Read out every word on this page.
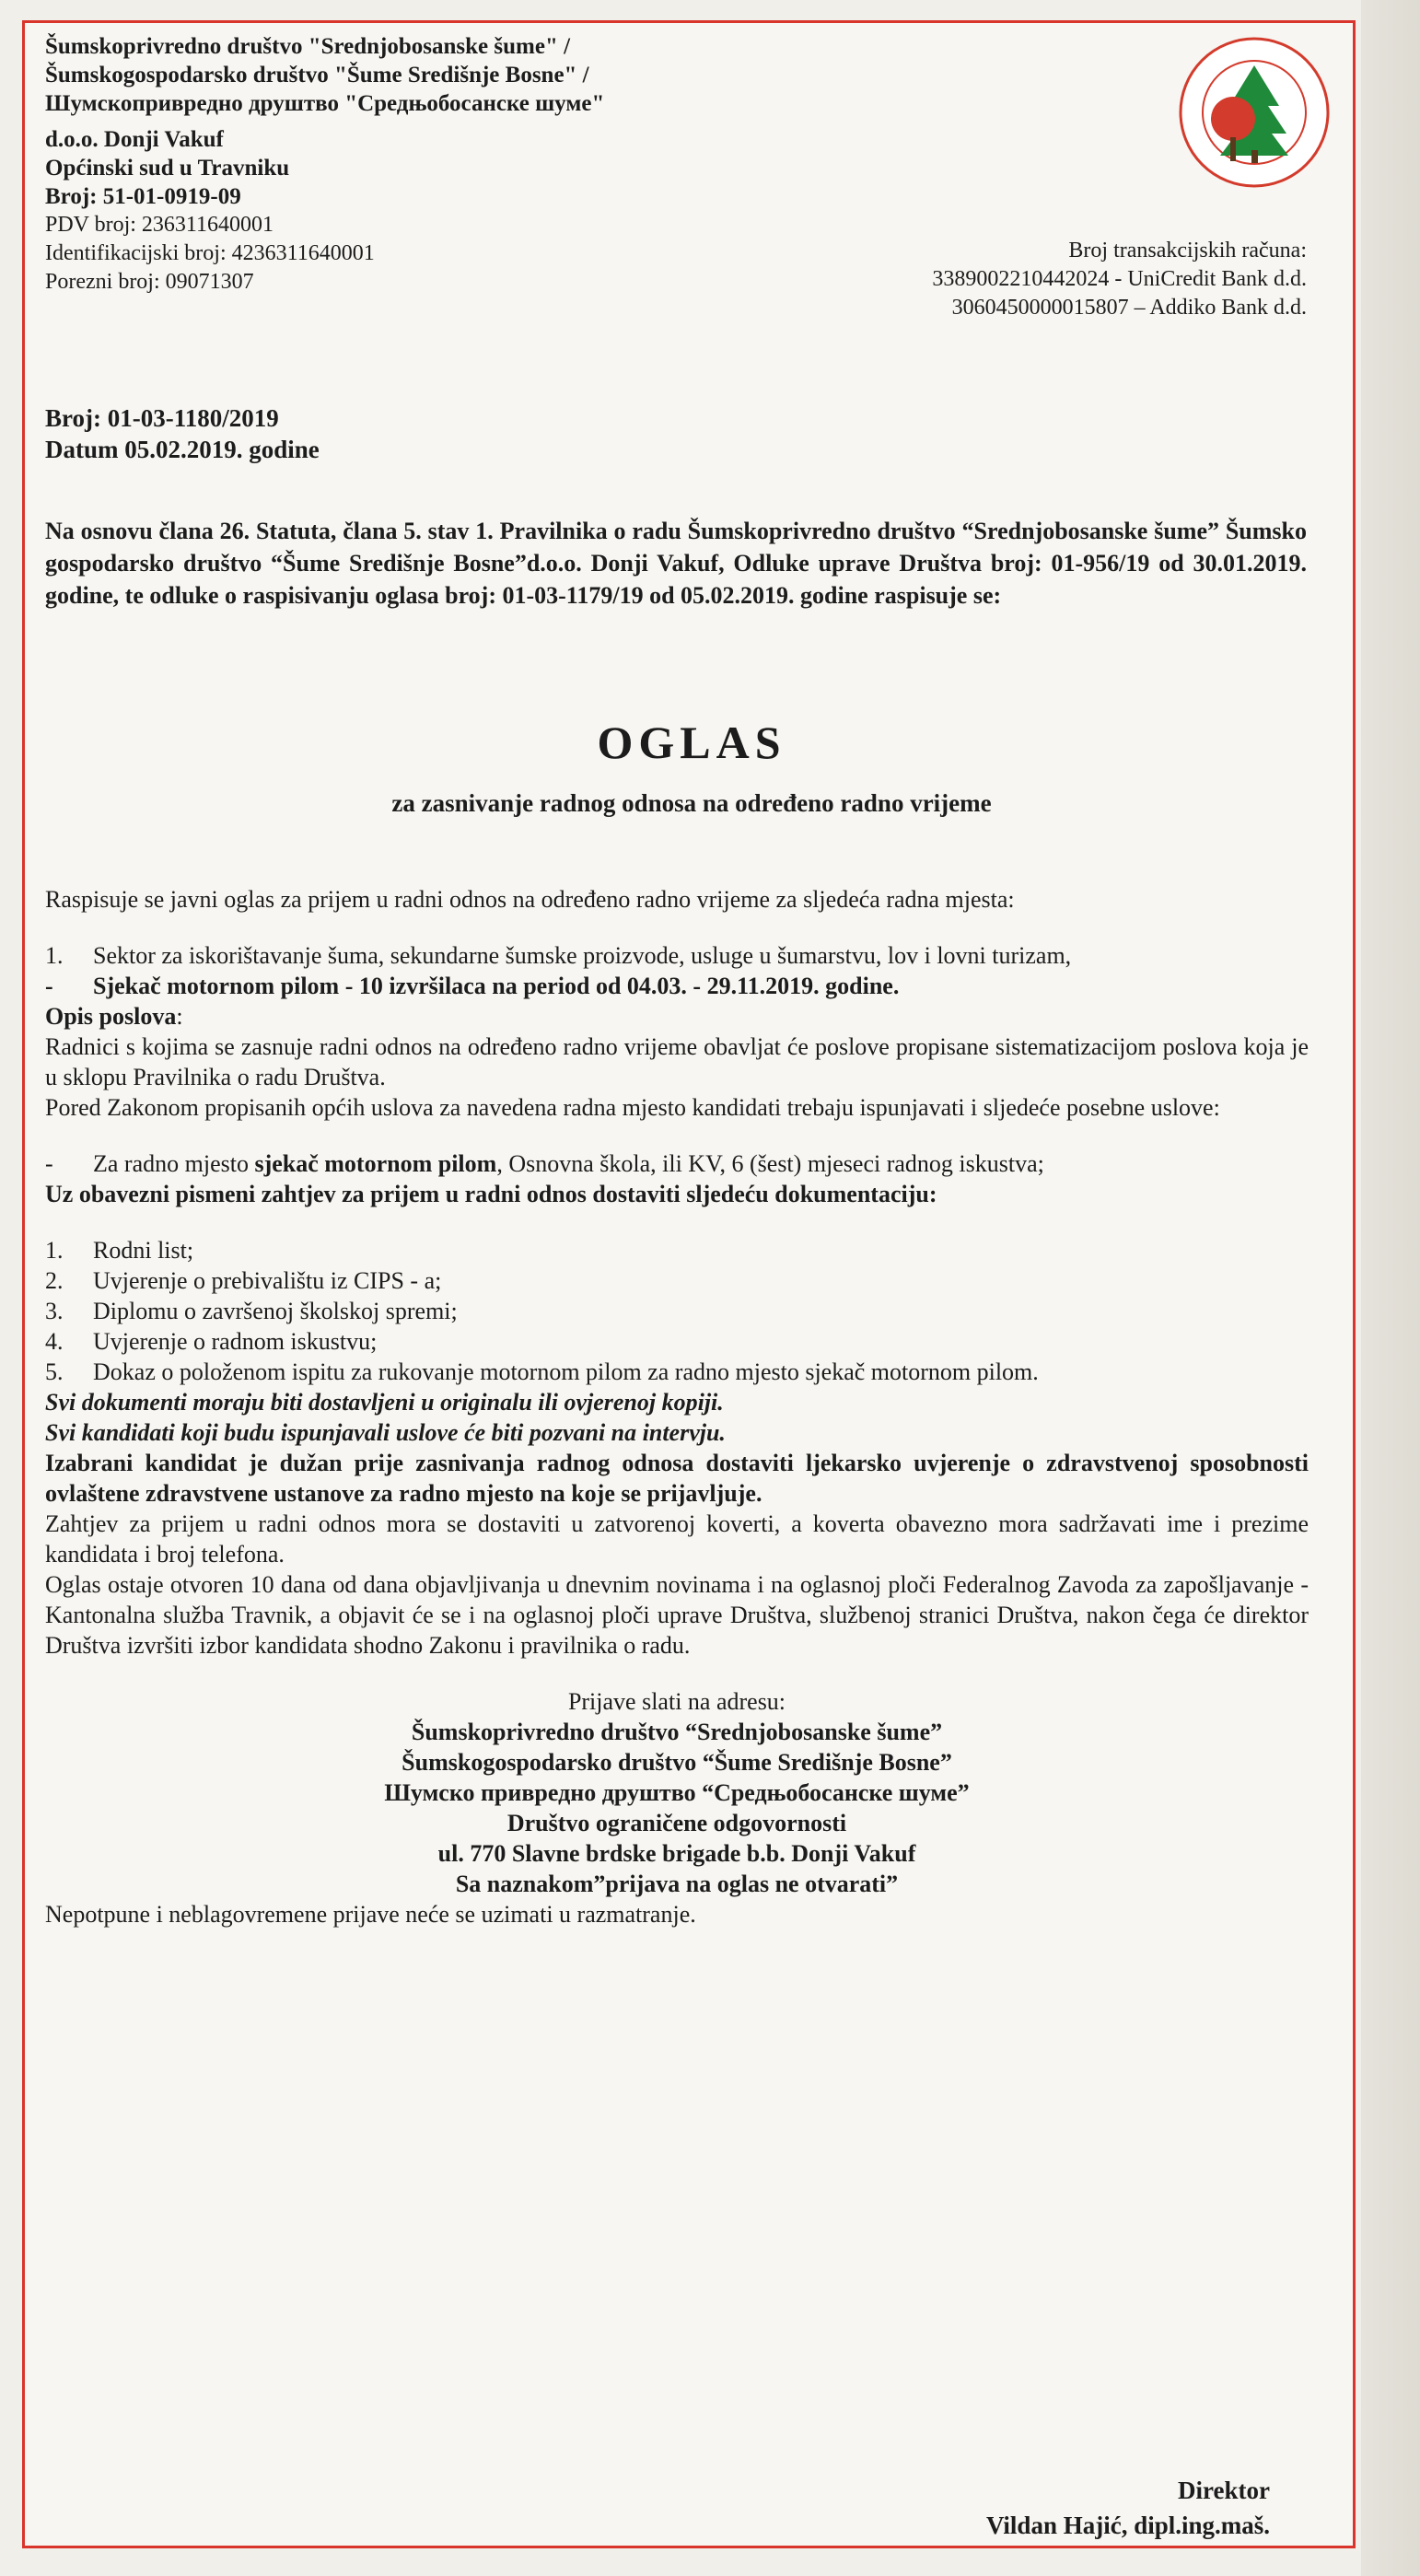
Šumskoprivredno društvo "Srednjobosanske šume" /
Šumskogospodarsko društvo "Šume Središnje Bosne" /
Шумскопривредно друштво "Средњобосанске шуме"
d.o.o. Donji Vakuf
Općinski sud u Travniku
Broj: 51-01-0919-09
PDV broj: 236311640001
Identifikacijski broj: 4236311640001
Porezni broj: 09071307
Broj transakcijskih računa:
3389002210442024 - UniCredit Bank d.d.
3060450000015807 – Addiko Bank d.d.
Broj: 01-03-1180/2019
Datum 05.02.2019. godine

Na osnovu člana 26. Statuta, člana 5. stav 1. Pravilnika o radu Šumskoprivredno društvo “Srednjobosanske šume” Šumsko gospodarsko društvo “Šume Središnje Bosne”d.o.o. Donji Vakuf, Odluke uprave Društva broj: 01-956/19 od 30.01.2019. godine, te odluke o raspisivanju oglasa broj: 01-03-1179/19 od 05.02.2019. godine raspisuje se:

OGLAS
za zasnivanje radnog odnosa na određeno radno vrijeme

Raspisuje se javni oglas za prijem u radni odnos na određeno radno vrijeme za sljedeća radna mjesta:

1.	Sektor za iskorištavanje šuma, sekundarne šumske proizvode, usluge u šumarstvu, lov i lovni turizam,
-	Sjekač motornom pilom - 10 izvršilaca na period od 04.03. - 29.11.2019. godine.

Opis poslova:

Radnici s kojima se zasnuje radni odnos na određeno radno vrijeme obavljat će poslove propisane sistematizacijom poslova koja je u sklopu Pravilnika o radu Društva.

Pored Zakonom propisanih općih uslova za navedena radna mjesto kandidati trebaju ispunjavati i sljedeće posebne uslove:

-	Za radno mjesto sjekač motornom pilom, Osnovna škola, ili KV, 6 (šest) mjeseci radnog iskustva;

Uz obavezni pismeni zahtjev za prijem u radni odnos dostaviti sljedeću dokumentaciju:

1.	Rodni list;
2.	Uvjerenje o prebivalištu iz CIPS - a;
3.	Diplomu o završenoj školskoj spremi;
4.	Uvjerenje o radnom iskustvu;
5.	Dokaz o položenom ispitu za rukovanje motornom pilom za radno mjesto sjekač motornom pilom.

Svi dokumenti moraju biti dostavljeni u originalu ili ovjerenoj kopiji.

Svi kandidati koji budu ispunjavali uslove će biti pozvani na intervju.

Izabrani kandidat je dužan prije zasnivanja radnog odnosa dostaviti ljekarsko uvjerenje o zdravstvenoj sposobnosti ovlaštene zdravstvene ustanove za radno mjesto na koje se prijavljuje.

Zahtjev za prijem u radni odnos mora se dostaviti u zatvorenoj koverti, a koverta obavezno mora sadržavati ime i prezime kandidata i broj telefona.

Oglas ostaje otvoren 10 dana od dana objavljivanja u dnevnim novinama i na oglasnoj ploči Federalnog Zavoda za zapošljavanje - Kantonalna služba Travnik, a objavit će se i na oglasnoj ploči uprave Društva, službenoj stranici Društva, nakon čega će direktor Društva izvršiti izbor kandidata shodno Zakonu i pravilnika o radu.

Prijave slati na adresu:
Šumskoprivredno društvo “Srednjobosanske šume”
Šumskogospodarsko društvo “Šume Središnje Bosne”
Шумско привредно друштво “Средњобосанске шуме”
Društvo ograničene odgovornosti
ul. 770 Slavne brdske brigade b.b. Donji Vakuf
Sa naznakom”prijava na oglas ne otvarati”

Nepotpune i neblagovremene prijave neće se uzimati u razmatranje.

Direktor
Vildan Hajić, dipl.ing.maš.
